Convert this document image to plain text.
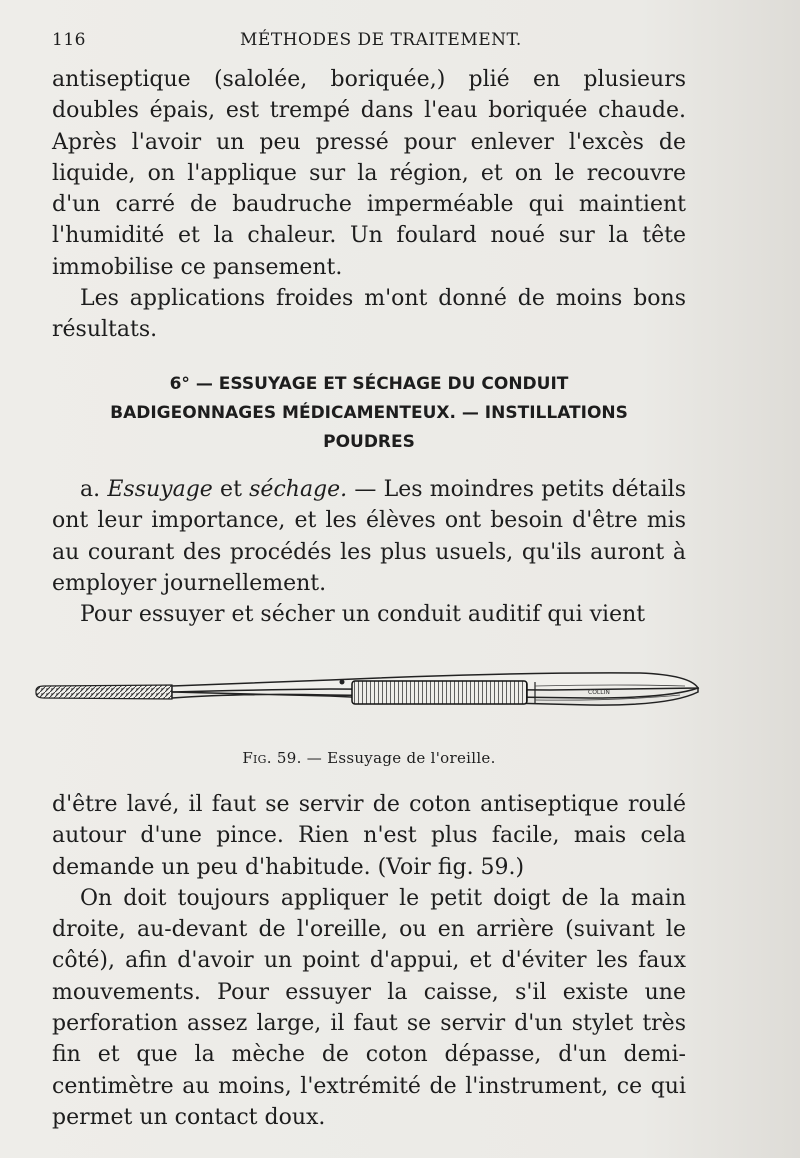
116	MÉTHODES DE TRAITEMENT.

antiseptique (salolée, boriquée,) plié en plusieurs doubles épais, est trempé dans l'eau boriquée chaude. Après l'avoir un peu pressé pour enlever l'excès de liquide, on l'applique sur la région, et on le recouvre d'un carré de baudruche imperméable qui maintient l'humidité et la chaleur. Un foulard noué sur la tête immobilise ce pansement.

Les applications froides m'ont donné de moins bons résultats.

6° — ESSUYAGE ET SÉCHAGE DU CONDUIT
BADIGEONNAGES MÉDICAMENTEUX. — INSTILLATIONS
POUDRES

a. Essuyage et séchage. — Les moindres petits détails ont leur importance, et les élèves ont besoin d'être mis au courant des procédés les plus usuels, qu'ils auront à employer journellement.

Pour essuyer et sécher un conduit auditif qui vient

COLLIN
Fig. 59. — Essuyage de l'oreille.

d'être lavé, il faut se servir de coton antiseptique roulé autour d'une pince. Rien n'est plus facile, mais cela demande un peu d'habitude. (Voir fig. 59.)

On doit toujours appliquer le petit doigt de la main droite, au-devant de l'oreille, ou en arrière (suivant le côté), afin d'avoir un point d'appui, et d'éviter les faux mouvements. Pour essuyer la caisse, s'il existe une perforation assez large, il faut se servir d'un stylet très fin et que la mèche de coton dépasse, d'un demi-centimètre au moins, l'extrémité de l'instrument, ce qui permet un contact doux.
